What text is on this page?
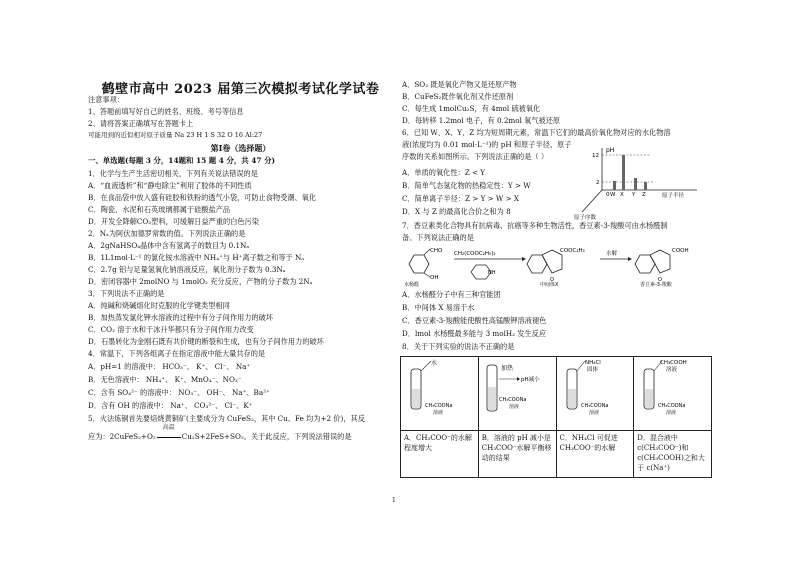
鹤壁市高中 2023 届第三次模拟考试化学试卷
注意事项：
1、答题前填写好自己的姓名、班级、考号等信息
2、请将答案正确填写在答题卡上
可能用到的近似相对原子质量 Na 23 H 1 S 32 O 16 Al:27
第Ⅰ卷（选择题）
一、单选题(每题 3 分，14题和 15 题 4 分，共 47 分)
1．化学与生产生活密切相关，下列有关说法错误的是
A．“血液透析”和“静电除尘”利用了胶体的不同性质
B．在食品袋中放入盛有硅胶和铁粉的透气小袋，可防止食物受潮、氧化
C．陶瓷、水泥和石英玻璃都属于硅酸盐产品
D．开发全降解CO₂塑料，可缓解日益严重的白色污染
2．Nₐ为阿伏加德罗常数的值。下列说法正确的是
A．2gNaHSO₄晶体中含有氢离子的数目为 0.1Nₐ
B．1L1mol·L⁻¹ 的氯化铵水溶液中 NH₄⁺与 H⁺离子数之和等于 Nₐ
C．2.7g 铝与足量氢氧化钠溶液反应，氧化剂分子数为 0.3Nₐ
D．密闭容器中 2molNO 与 1molO₂ 充分反应，产物的分子数为 2Nₐ
3．下列说法不正确的是
A．纯碱和烧碱熔化时克服的化学键类型相同
B．加热蒸发氯化钾水溶液的过程中有分子间作用力的破坏
C．CO₂ 溶于水和干冰升华都只有分子间作用力改变
D．石墨转化为金刚石既有共价键的断裂和生成，也有分子间作用力的破坏
4．常温下，下列各组离子在指定溶液中能大量共存的是
A．pH=1 的溶液中： HCO₃⁻、 K⁺、 Cl⁻、 Na⁺
B．无色溶液中： NH₄⁺、 K⁺、MnO₄⁻、NO₃⁻
C．含有 SO₄²⁻ 的溶液中： NO₃⁻、 OH⁻、 Na⁺、Ba²⁺
D．含有 OH 的溶液中： Na⁺、 CO₃²⁻、 Cl⁻、K⁺
5．火法炼铜首先要焙烧黄铜矿(主要成分为 CuFeS₂，其中 Cu、Fe 均为+2 价)，其反
应为：2CuFeS₂+O₂
高温
Cu₂S+2FeS+SO₂。关于此反应，下列说法错误的是
A．SO₂ 既是氧化产物又是还原产物
B．CuFeS₂既作氧化剂又作还原剂
C．每生成 1molCu₂S，有 4mol 硫被氧化
D．每转移 1.2mol 电子，有 0.2mol 氧气被还原
6．已知 W、X、Y、Z 均为短周期元素，常温下它们的最高价氧化物对应的水化物溶
液(浓度均为 0.01 mol·L⁻¹)的 pH 和原子半径、原子
序数的关系如图所示。下列说法正确的是（ ）
A．单质的氧化性：Z < Y
B．简单气态氢化物的热稳定性：Y > W
C．简单离子半径：Z > Y > W > X
D．X 与 Z 的最高化合价之和为 8
pH
12
2
0 W X Y Z	原子半径
原子序数
7．香豆素类化合物具有抗病毒、抗癌等多种生物活性，香豆素-3-羧酸可由水杨醛制
备。下列说法正确的是
CHO
OH
水杨醛
CH₂(COOC₂H₅)₂
NH
COOC₂H₅
O
中间体X
水解	COOH
O
香豆素-3-羧酸
A．水杨醛分子中有三种官能团
B．中间体 X 易溶于水
C．香豆素-3-羧酸能使酸性高锰酸钾溶液褪色
D．lmol 水杨醛最多能与 3 molH₂ 发生反应
8．关于下列实验的说法不正确的是
水
CH₃COONa
溶液	加热
pH减小
CH₃COONa
溶液	NH₄Cl
固体
CH₃COONa
溶液	CH₃COOH
溶液
CH₃COONa
溶液

A．CH₃COO⁻的水解程度增大	B．溶液的 pH 减小是 CH₃COO⁻水解平衡移动的结果	C．NH₄Cl 可促进 CH₃COO⁻的水解	D．混合液中 c(CH₃COO⁻)和 c(CH₃COOH)之和大于 c(Na⁺)
1
